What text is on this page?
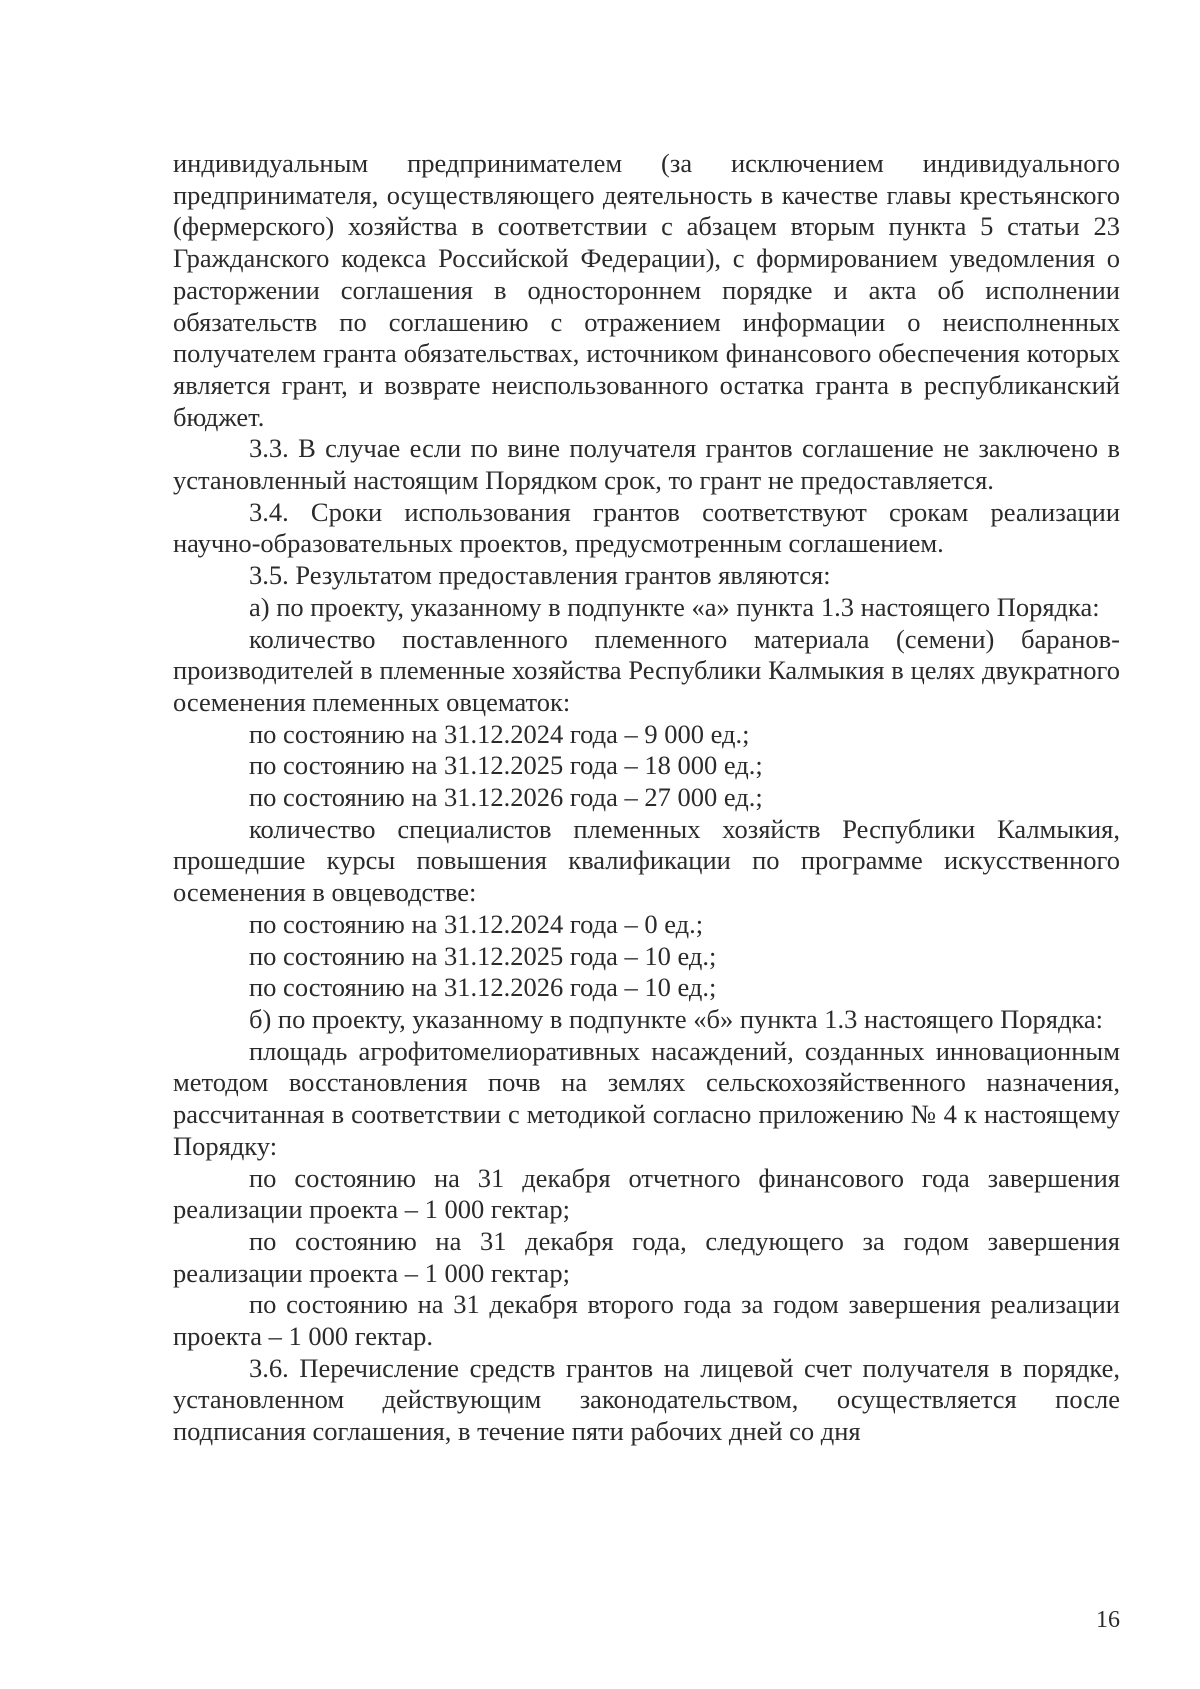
индивидуальным предпринимателем (за исключением индивидуального предпринимателя, осуществляющего деятельность в качестве главы крестьянского (фермерского) хозяйства в соответствии с абзацем вторым пункта 5 статьи 23 Гражданского кодекса Российской Федерации), с формированием уведомления о расторжении соглашения в одностороннем порядке и акта об исполнении обязательств по соглашению с отражением информации о неисполненных получателем гранта обязательствах, источником финансового обеспечения которых является грант, и возврате неиспользованного остатка гранта в республиканский бюджет.

3.3. В случае если по вине получателя грантов соглашение не заключено в установленный настоящим Порядком срок, то грант не предоставляется.

3.4. Сроки использования грантов соответствуют срокам реализации научно-образовательных проектов, предусмотренным соглашением.

3.5. Результатом предоставления грантов являются:

а) по проекту, указанному в подпункте «а» пункта 1.3 настоящего Порядка:

количество поставленного племенного материала (семени) баранов-производителей в племенные хозяйства Республики Калмыкия в целях двукратного осеменения племенных овцематок:

по состоянию на 31.12.2024 года – 9 000 ед.;

по состоянию на 31.12.2025 года – 18 000 ед.;

по состоянию на 31.12.2026 года – 27 000 ед.;

количество специалистов племенных хозяйств Республики Калмыкия, прошедшие курсы повышения квалификации по программе искусственного осеменения в овцеводстве:

по состоянию на 31.12.2024 года – 0 ед.;

по состоянию на 31.12.2025 года – 10 ед.;

по состоянию на 31.12.2026 года – 10 ед.;

б) по проекту, указанному в подпункте «б» пункта 1.3 настоящего Порядка:

площадь агрофитомелиоративных насаждений, созданных инновационным методом восстановления почв на землях сельскохозяйственного назначения, рассчитанная в соответствии с методикой согласно приложению № 4 к настоящему Порядку:

по состоянию на 31 декабря отчетного финансового года завершения реализации проекта – 1 000 гектар;

по состоянию на 31 декабря года, следующего за годом завершения реализации проекта – 1 000 гектар;

по состоянию на 31 декабря второго года за годом завершения реализации проекта – 1 000 гектар.

3.6. Перечисление средств грантов на лицевой счет получателя в порядке, установленном действующим законодательством, осуществляется после подписания соглашения, в течение пяти рабочих дней со дня

16
